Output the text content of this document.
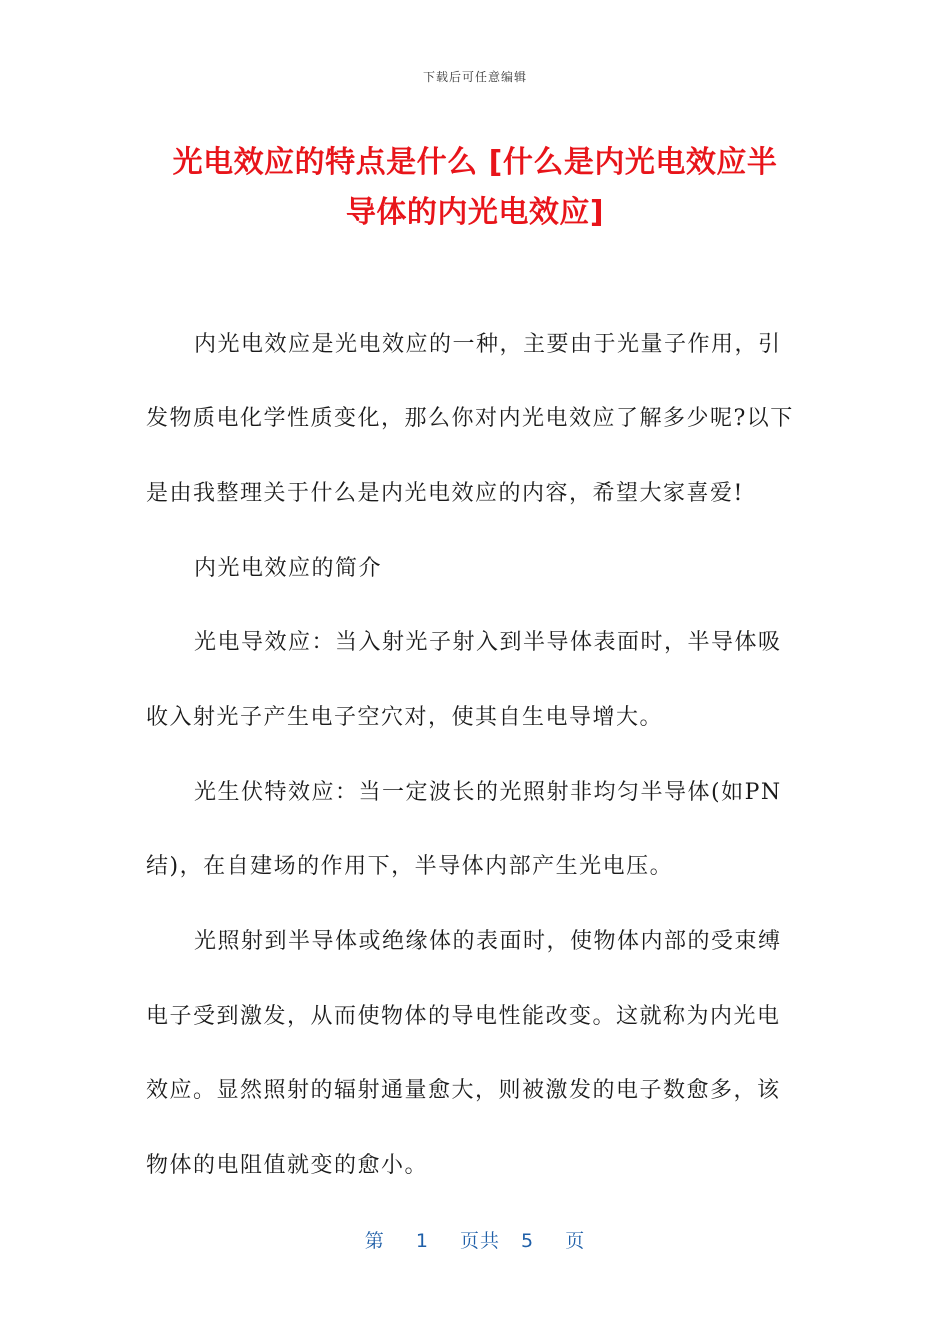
下载后可任意编辑
光电效应的特点是什么 [什么是内光电效应半
导体的内光电效应]
内光电效应是光电效应的一种，主要由于光量子作用，引
发物质电化学性质变化，那么你对内光电效应了解多少呢?以下
是由我整理关于什么是内光电效应的内容，希望大家喜爱!
内光电效应的简介
光电导效应：当入射光子射入到半导体表面时，半导体吸
收入射光子产生电子空穴对，使其自生电导增大。
光生伏特效应：当一定波长的光照射非均匀半导体(如PN
结)，在自建场的作用下，半导体内部产生光电压。
光照射到半导体或绝缘体的表面时，使物体内部的受束缚
电子受到激发，从而使物体的导电性能改变。这就称为内光电
效应。显然照射的辐射通量愈大，则被激发的电子数愈多，该
物体的电阻值就变的愈小。
第 1 页共 5 页
